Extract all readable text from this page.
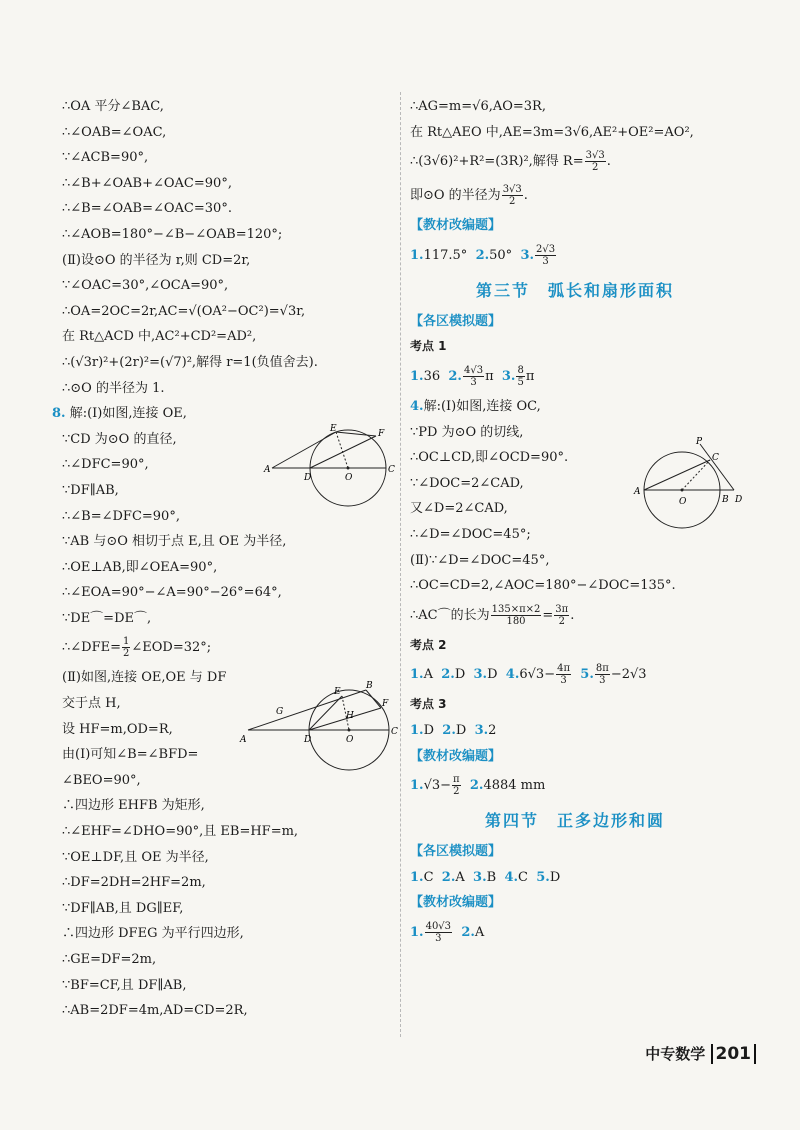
∴OA 平分∠BAC,
∴∠OAB=∠OAC,
∵∠ACB=90°,
∴∠B+∠OAB+∠OAC=90°,
∴∠B=∠OAB=∠OAC=30°.
∴∠AOB=180°−∠B−∠OAB=120°;
(Ⅱ)设⊙O 的半径为 r,则 CD=2r,
∵∠OAC=30°,∠OCA=90°,
∴OA=2OC=2r,AC=√(OA²−OC²)=√3r,
在 Rt△ACD 中,AC²+CD²=AD²,
∴(√3r)²+(2r)²=(√7)²,解得 r=1(负值舍去).
∴⊙O 的半径为 1.
8. 解:(Ⅰ)如图,连接 OE,
∵CD 为⊙O 的直径,
∴∠DFC=90°,
∵DF∥AB,
∴∠B=∠DFC=90°,
∵AB 与⊙O 相切于点 E,且 OE 为半径,
∴OE⊥AB,即∠OEA=90°,
∴∠EOA=90°−∠A=90°−26°=64°,
∵DE⌒=DE⌒,
∴∠DFE= $\frac{1}{2}$ ∠EOD=32°;
(Ⅱ)如图,连接 OE,OE 与 DF
交于点 H,
设 HF=m,OD=R,
由(Ⅰ)可知∠B=∠BFD=
∠BEO=90°,
∴四边形 EHFB 为矩形,
∴∠EHF=∠DHO=90°,且 EB=HF=m,
∵OE⊥DF,且 OE 为半径,
∴DF=2DH=2HF=2m,
∵DF∥AB,且 DG∥EF,
∴四边形 DFEG 为平行四边形,
∴GE=DF=2m,
∵BF=CF,且 DF∥AB,
∴AB=2DF=4m,AD=CD=2R,
A
D	O
C
E	F
A
G
D	O
C
E
B
H
F
∴AG=m=√6,AO=3R,
在 Rt△AEO 中,AE=3m=3√6,AE²+OE²=AO²,
∴(3√6)²+R²=(3R)²,解得 $R= \frac{3√3}{2}$ .
即⊙O 的半径为 $\frac{3√3}{2}$ .
【教材改编题】
1.117.5° 2.50° 3. $\frac{2√3}{3}$
第三节　弧长和扇形面积
【各区模拟题】
考点 1
1.36 2. $\frac{4√3}{3}$ π 3. $\frac{8}{5}$ π
4.解:(Ⅰ)如图,连接 OC,
∵PD 为⊙O 的切线,
∴OC⊥CD,即∠OCD=90°.
∵∠DOC=2∠CAD,
又∠D=2∠CAD,
∴∠D=∠DOC=45°;
(Ⅱ)∵∠D=∠DOC=45°,
∴OC=CD=2,∠AOC=180°−∠DOC=135°.
∴AC⌒的长为 $\frac{135\times\pi\times 2}{180} = \frac{3\pi}{2}$ .
考点 2
1.A 2.D 3.D $4.6√3- \frac{4\pi}{3} 5$. $\frac{8\pi}{3} -2√3$
考点 3
1.D 2.D 3.2
【教材改编题】
$1.√3- \frac{\pi}{2} 2.4884$ mm
第四节　正多边形和圆
【各区模拟题】
1.C 2.A 3.B 4.C 5.D
【教材改编题】
1. $\frac{40√3}{3} 2.A$
P
C
A
O	B D
中专数学 201
